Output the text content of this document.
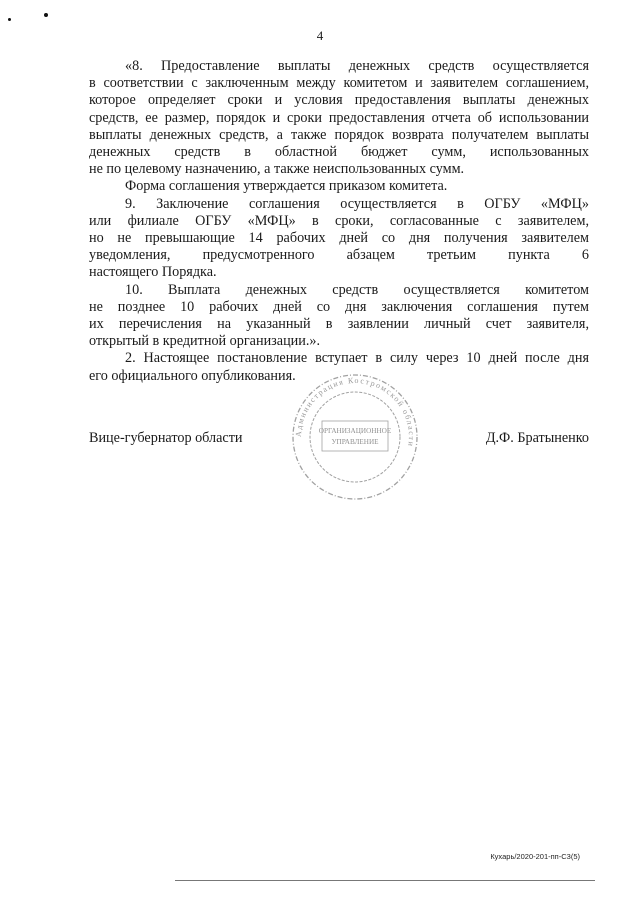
4

«8. Предоставление выплаты денежных средств осуществляется
в соответствии с заключенным между комитетом и заявителем соглашением,
которое определяет сроки и условия предоставления выплаты денежных
средств, ее размер, порядок и сроки предоставления отчета об использовании
выплаты денежных средств, а также порядок возврата получателем выплаты
денежных средств в областной бюджет сумм, использованных
не по целевому назначению, а также неиспользованных сумм.

Форма соглашения утверждается приказом комитета.

9. Заключение соглашения осуществляется в ОГБУ «МФЦ»
или филиале ОГБУ «МФЦ» в сроки, согласованные с заявителем,
но не превышающие 14 рабочих дней со дня получения заявителем
уведомления, предусмотренного абзацем третьим пункта 6
настоящего Порядка.

10. Выплата денежных средств осуществляется комитетом
не позднее 10 рабочих дней со дня заключения соглашения путем
их перечисления на указанный в заявлении личный счет заявителя,
открытый в кредитной организации.».

2. Настоящее постановление вступает в силу через 10 дней после дня
его официального опубликования.

Администрация Костромской области
ОРГАНИЗАЦИОННОЕ
УПРАВЛЕНИЕ
Вице-губернатор области	Д.Ф. Братыненко
Кухарь/2020-201-пп-С3(5)
